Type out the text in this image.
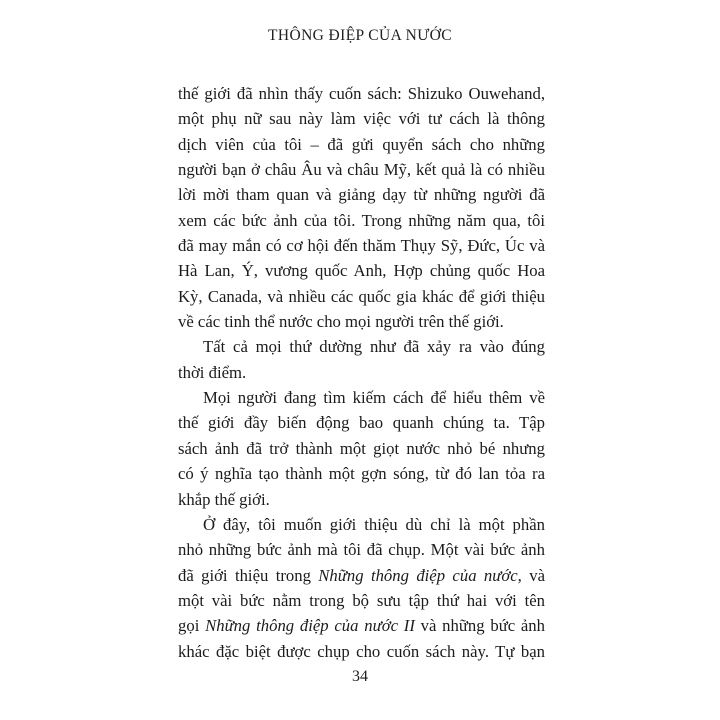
THÔNG ĐIỆP CỦA NƯỚC
thế giới đã nhìn thấy cuốn sách: Shizuko Ouwehand,
một phụ nữ sau này làm việc với tư cách là thông
dịch viên của tôi – đã gửi quyển sách cho những
người bạn ở châu Âu và châu Mỹ, kết quả là có nhiều
lời mời tham quan và giảng dạy từ những người đã
xem các bức ảnh của tôi. Trong những năm qua, tôi
đã may mắn có cơ hội đến thăm Thụy Sỹ, Đức, Úc và
Hà Lan, Ý, vương quốc Anh, Hợp chủng quốc Hoa
Kỳ, Canada, và nhiều các quốc gia khác để giới thiệu
về các tinh thể nước cho mọi người trên thế giới.
Tất cả mọi thứ dường như đã xảy ra vào đúng
thời điểm.
Mọi người đang tìm kiếm cách để hiểu thêm về
thế giới đầy biến động bao quanh chúng ta. Tập
sách ảnh đã trở thành một giọt nước nhỏ bé nhưng
có ý nghĩa tạo thành một gợn sóng, từ đó lan tỏa ra
khắp thế giới.
Ở đây, tôi muốn giới thiệu dù chỉ là một phần
nhỏ những bức ảnh mà tôi đã chụp. Một vài bức ảnh
đã giới thiệu trong Những thông điệp của nước, và
một vài bức nằm trong bộ sưu tập thứ hai với tên
gọi Những thông điệp của nước II và những bức ảnh
khác đặc biệt được chụp cho cuốn sách này. Tự bạn
34
